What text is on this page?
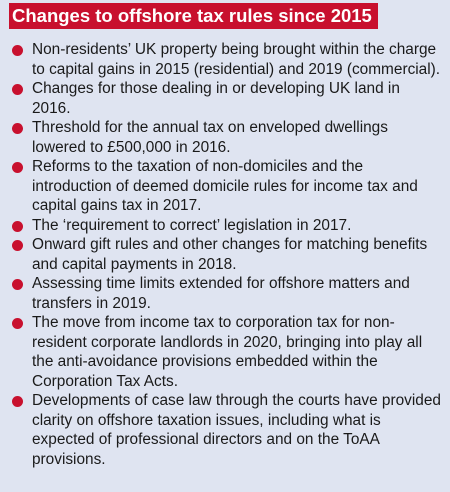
Changes to offshore tax rules since 2015
Non-residents’ UK property being brought within the charge to capital gains in 2015 (residential) and 2019 (commercial).
Changes for those dealing in or developing UK land in 2016.
Threshold for the annual tax on enveloped dwellings lowered to £500,000 in 2016.
Reforms to the taxation of non-domiciles and the introduction of deemed domicile rules for income tax and capital gains tax in 2017.
The ‘requirement to correct’ legislation in 2017.
Onward gift rules and other changes for matching benefits and capital payments in 2018.
Assessing time limits extended for offshore matters and transfers in 2019.
The move from income tax to corporation tax for non-resident corporate landlords in 2020, bringing into play all the anti-avoidance provisions embedded within the Corporation Tax Acts.
Developments of case law through the courts have provided clarity on offshore taxation issues, including what is expected of professional directors and on the ToAA provisions.
